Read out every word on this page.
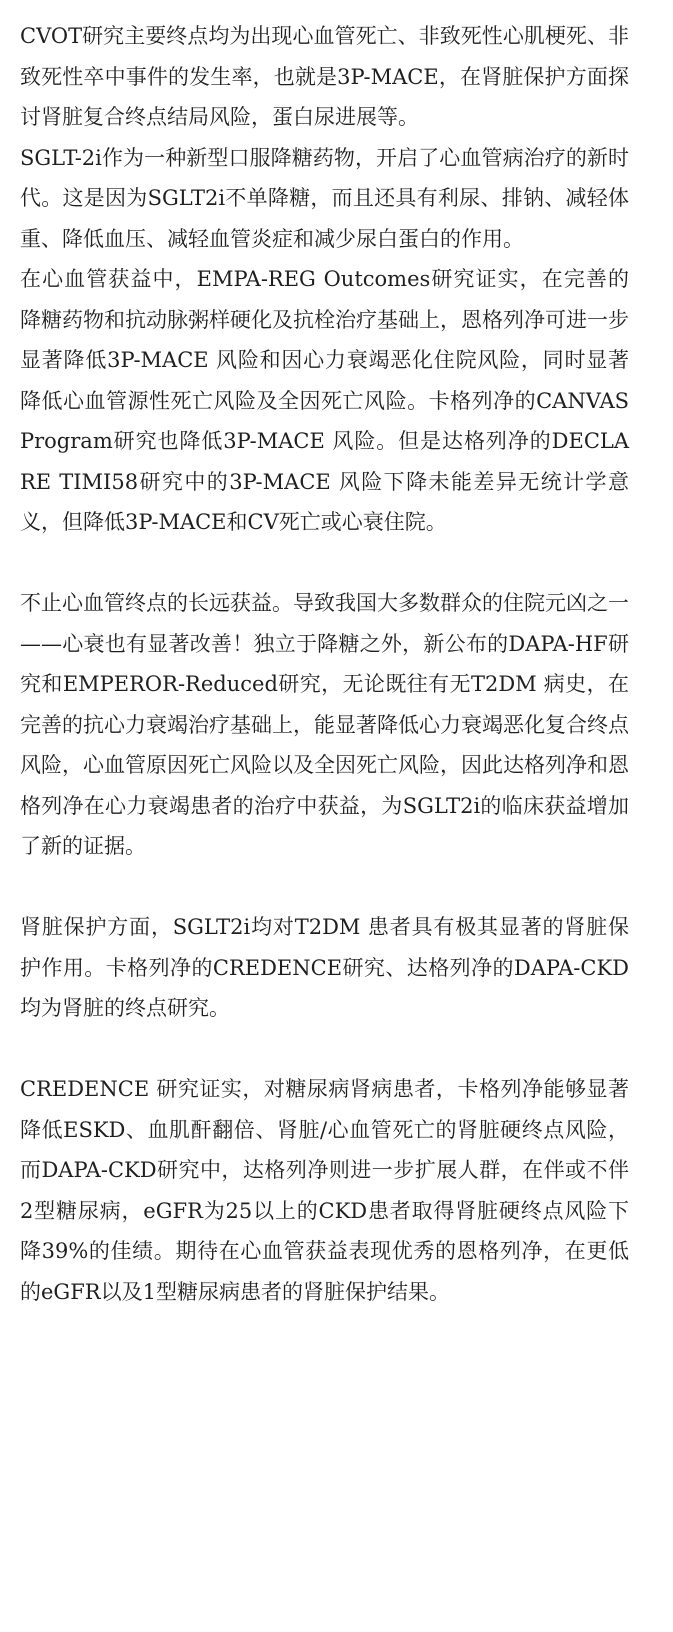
CVOT研究主要终点均为出现心血管死亡、非致死性心肌梗死、非致死性卒中事件的发生率，也就是3P-MACE，在肾脏保护方面探讨肾脏复合终点结局风险，蛋白尿进展等。

SGLT-2i作为一种新型口服降糖药物，开启了心血管病治疗的新时代。这是因为SGLT2i不单降糖，而且还具有利尿、排钠、减轻体重、降低血压、减轻血管炎症和减少尿白蛋白的作用。

在心血管获益中，EMPA-REG Outcomes研究证实，在完善的降糖药物和抗动脉粥样硬化及抗栓治疗基础上，恩格列净可进一步显著降低3P-MACE 风险和因心力衰竭恶化住院风险，同时显著降低心血管源性死亡风险及全因死亡风险。卡格列净的CANVAS Program研究也降低3P-MACE 风险。但是达格列净的DECLARE TIMI58研究中的3P-MACE 风险下降未能差异无统计学意义，但降低3P-MACE和CV死亡或心衰住院。

不止心血管终点的长远获益。导致我国大多数群众的住院元凶之一——心衰也有显著改善！独立于降糖之外，新公布的DAPA-HF研究和EMPEROR-Reduced研究，无论既往有无T2DM 病史，在完善的抗心力衰竭治疗基础上，能显著降低心力衰竭恶化复合终点风险，心血管原因死亡风险以及全因死亡风险，因此达格列净和恩格列净在心力衰竭患者的治疗中获益，为SGLT2i的临床获益增加了新的证据。

肾脏保护方面，SGLT2i均对T2DM 患者具有极其显著的肾脏保护作用。卡格列净的CREDENCE研究、达格列净的DAPA-CKD均为肾脏的终点研究。

CREDENCE 研究证实，对糖尿病肾病患者，卡格列净能够显著降低ESKD、血肌酐翻倍、肾脏/心血管死亡的肾脏硬终点风险，而DAPA-CKD研究中，达格列净则进一步扩展人群，在伴或不伴2型糖尿病，eGFR为25以上的CKD患者取得肾脏硬终点风险下降39%的佳绩。期待在心血管获益表现优秀的恩格列净，在更低的eGFR以及1型糖尿病患者的肾脏保护结果。
